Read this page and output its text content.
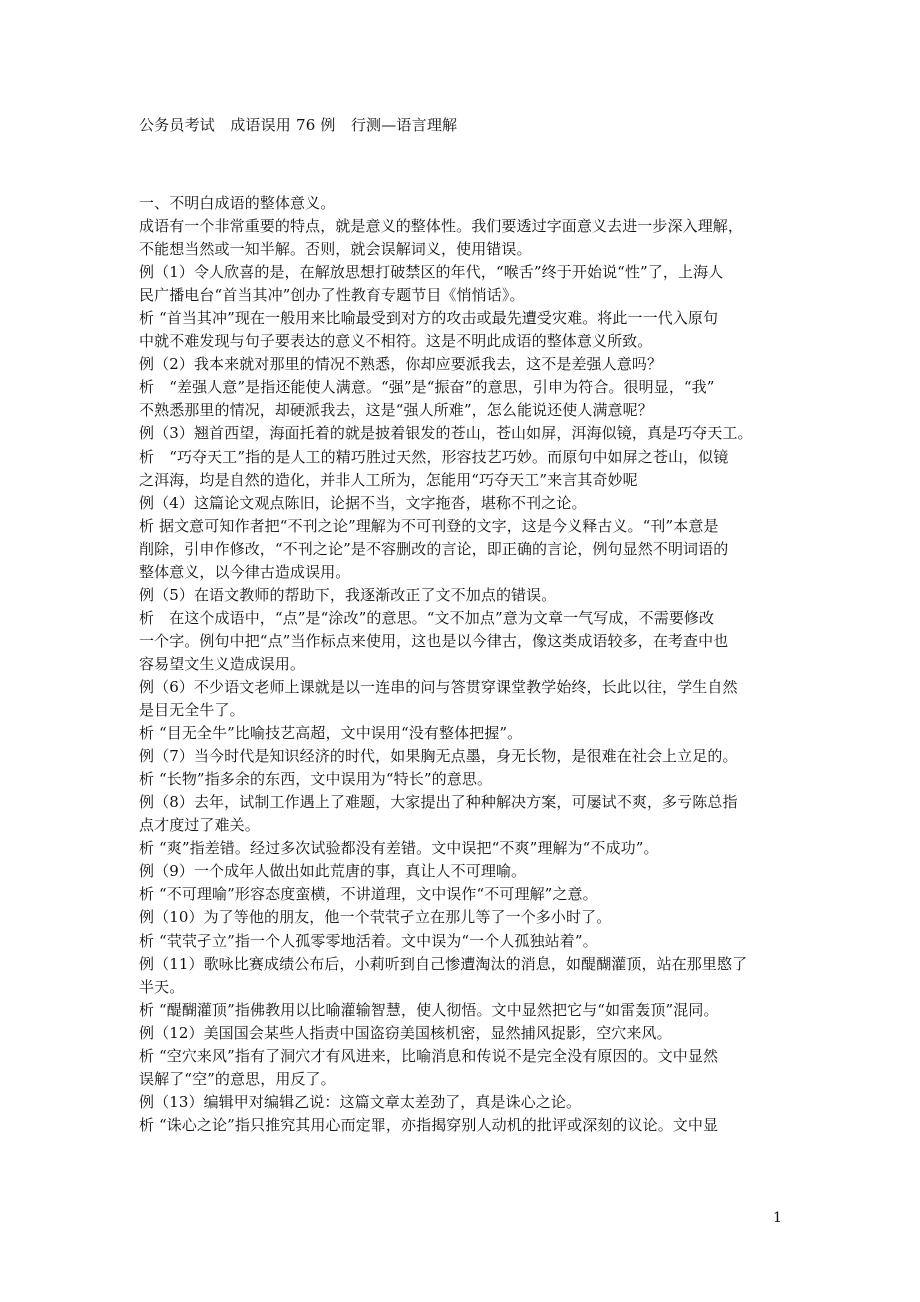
公务员考试　成语误用 76 例　行测—语言理解
一、不明白成语的整体意义。
成语有一个非常重要的特点，就是意义的整体性。我们要透过字面意义去进一步深入理解，
不能想当然或一知半解。否则，就会误解词义，使用错误。
例（1）令人欣喜的是，在解放思想打破禁区的年代，“喉舌”终于开始说“性”了，上海人
民广播电台“首当其冲”创办了性教育专题节目《悄悄话》。
析 “首当其冲”现在一般用来比喻最受到对方的攻击或最先遭受灾难。将此一一代入原句
中就不难发现与句子要表达的意义不相符。这是不明此成语的整体意义所致。
例（2）我本来就对那里的情况不熟悉，你却应要派我去，这不是差强人意吗？
析　“差强人意”是指还能使人满意。“强”是“振奋”的意思，引申为符合。很明显，“我”
不熟悉那里的情况，却硬派我去，这是“强人所难”，怎么能说还使人满意呢？
例（3）翘首西望，海面托着的就是披着银发的苍山，苍山如屏，洱海似镜，真是巧夺天工。
析　“巧夺天工”指的是人工的精巧胜过天然，形容技艺巧妙。而原句中如屏之苍山，似镜
之洱海，均是自然的造化，并非人工所为，怎能用“巧夺天工”来言其奇妙呢
例（4）这篇论文观点陈旧，论据不当，文字拖沓，堪称不刊之论。
析 据文意可知作者把“不刊之论”理解为不可刊登的文字，这是今义释古义。“刊”本意是
削除，引申作修改，“不刊之论”是不容删改的言论，即正确的言论，例句显然不明词语的
整体意义，以今律古造成误用。
例（5）在语文教师的帮助下，我逐渐改正了文不加点的错误。
析　在这个成语中，“点”是“涂改”的意思。“文不加点”意为文章一气写成，不需要修改
一个字。例句中把“点”当作标点来使用，这也是以今律古，像这类成语较多，在考查中也
容易望文生义造成误用。
例（6）不少语文老师上课就是以一连串的问与答贯穿课堂教学始终，长此以往，学生自然
是目无全牛了。
析 “目无全牛”比喻技艺高超，文中误用“没有整体把握”。
例（7）当今时代是知识经济的时代，如果胸无点墨，身无长物，是很难在社会上立足的。
析 “长物”指多余的东西，文中误用为“特长”的意思。
例（8）去年，试制工作遇上了难题，大家提出了种种解决方案，可屡试不爽，多亏陈总指
点才度过了难关。
析 “爽”指差错。经过多次试验都没有差错。文中误把“不爽”理解为“不成功”。
例（9）一个成年人做出如此荒唐的事，真让人不可理喻。
析 “不可理喻”形容态度蛮横，不讲道理，文中误作“不可理解”之意。
例（10）为了等他的朋友，他一个茕茕孑立在那儿等了一个多小时了。
析 “茕茕孑立”指一个人孤零零地活着。文中误为“一个人孤独站着”。
例（11）歌咏比赛成绩公布后，小莉听到自己惨遭淘汰的消息，如醍醐灌顶，站在那里愍了
半天。
析 “醍醐灌顶”指佛教用以比喻灌输智慧，使人彻悟。文中显然把它与“如雷轰顶”混同。
例（12）美国国会某些人指责中国盗窃美国核机密，显然捕风捉影，空穴来风。
析 “空穴来风”指有了洞穴才有风进来，比喻消息和传说不是完全没有原因的。文中显然
误解了“空”的意思，用反了。
例（13）编辑甲对编辑乙说：这篇文章太差劲了，真是诛心之论。
析 “诛心之论”指只推究其用心而定罪，亦指揭穿别人动机的批评或深刻的议论。文中显
1
